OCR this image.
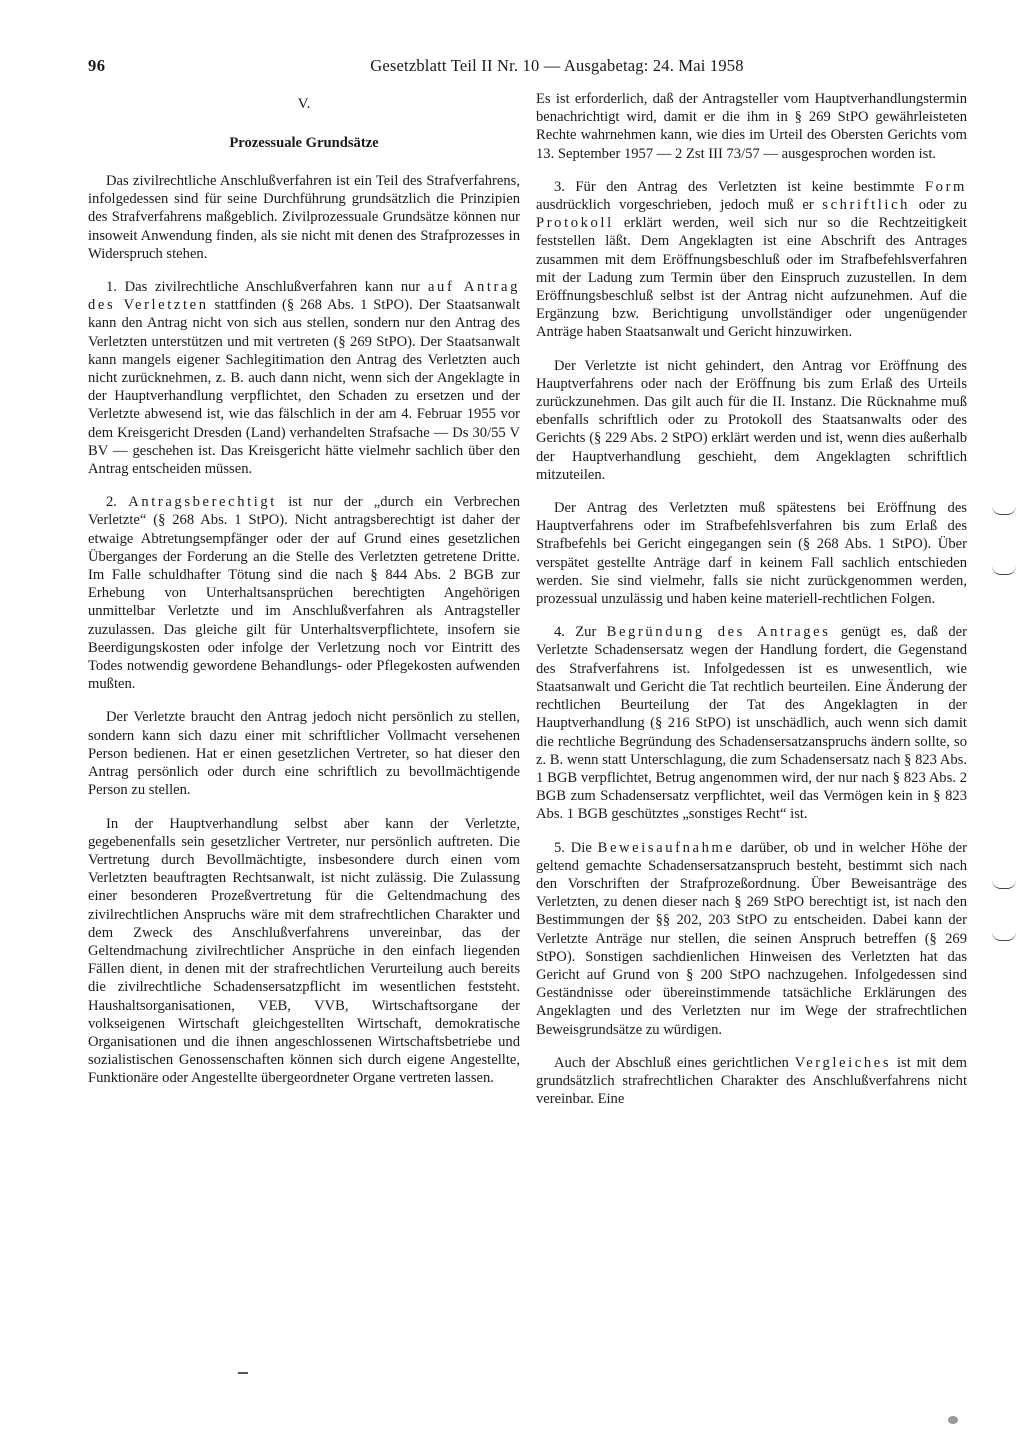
96	Gesetzblatt Teil II Nr. 10 — Ausgabetag: 24. Mai 1958
V.
Prozessuale Grundsätze

Das zivilrechtliche Anschlußverfahren ist ein Teil des Strafverfahrens, infolgedessen sind für seine Durchführung grundsätzlich die Prinzipien des Strafverfahrens maßgeblich. Zivilprozessuale Grundsätze können nur insoweit Anwendung finden, als sie nicht mit denen des Strafprozesses in Widerspruch stehen.

1. Das zivilrechtliche Anschlußverfahren kann nur auf Antrag des Verletzten stattfinden (§ 268 Abs. 1 StPO). Der Staatsanwalt kann den Antrag nicht von sich aus stellen, sondern nur den Antrag des Verletzten unterstützen und mit vertreten (§ 269 StPO). Der Staatsanwalt kann mangels eigener Sachlegitimation den Antrag des Verletzten auch nicht zurücknehmen, z. B. auch dann nicht, wenn sich der Angeklagte in der Hauptverhandlung verpflichtet, den Schaden zu ersetzen und der Verletzte abwesend ist, wie das fälschlich in der am 4. Februar 1955 vor dem Kreisgericht Dresden (Land) verhandelten Strafsache — Ds 30/55 V BV — geschehen ist. Das Kreisgericht hätte vielmehr sachlich über den Antrag entscheiden müssen.

2. Antragsberechtigt ist nur der „durch ein Verbrechen Verletzte“ (§ 268 Abs. 1 StPO). Nicht antragsberechtigt ist daher der etwaige Abtretungsempfänger oder der auf Grund eines gesetzlichen Überganges der Forderung an die Stelle des Verletzten getretene Dritte. Im Falle schuldhafter Tötung sind die nach § 844 Abs. 2 BGB zur Erhebung von Unterhaltsansprüchen berechtigten Angehörigen unmittelbar Verletzte und im Anschlußverfahren als Antragsteller zuzulassen. Das gleiche gilt für Unterhaltsverpflichtete, insofern sie Beerdigungskosten oder infolge der Verletzung noch vor Eintritt des Todes notwendig gewordene Behandlungs- oder Pflegekosten aufwenden mußten.

Der Verletzte braucht den Antrag jedoch nicht persönlich zu stellen, sondern kann sich dazu einer mit schriftlicher Vollmacht versehenen Person bedienen. Hat er einen gesetzlichen Vertreter, so hat dieser den Antrag persönlich oder durch eine schriftlich zu bevollmächtigende Person zu stellen.

In der Hauptverhandlung selbst aber kann der Verletzte, gegebenenfalls sein gesetzlicher Vertreter, nur persönlich auftreten. Die Vertretung durch Bevollmächtigte, insbesondere durch einen vom Verletzten beauftragten Rechtsanwalt, ist nicht zulässig. Die Zulassung einer besonderen Prozeßvertretung für die Geltendmachung des zivilrechtlichen Anspruchs wäre mit dem strafrechtlichen Charakter und dem Zweck des Anschlußverfahrens unvereinbar, das der Geltendmachung zivilrechtlicher Ansprüche in den einfach liegenden Fällen dient, in denen mit der strafrechtlichen Verurteilung auch bereits die zivilrechtliche Schadensersatzpflicht im wesentlichen feststeht. Haushaltsorganisationen, VEB, VVB, Wirtschaftsorgane der volkseigenen Wirtschaft gleichgestellten Wirtschaft, demokratische Organisationen und die ihnen angeschlossenen Wirtschaftsbetriebe und sozialistischen Genossenschaften können sich durch eigene Angestellte, Funktionäre oder Angestellte übergeordneter Organe vertreten lassen.

Es ist erforderlich, daß der Antragsteller vom Hauptverhandlungstermin benachrichtigt wird, damit er die ihm in § 269 StPO gewährleisteten Rechte wahrnehmen kann, wie dies im Urteil des Obersten Gerichts vom 13. September 1957 — 2 Zst III 73/57 — ausgesprochen worden ist.

3. Für den Antrag des Verletzten ist keine bestimmte Form ausdrücklich vorgeschrieben, jedoch muß er schriftlich oder zu Protokoll erklärt werden, weil sich nur so die Rechtzeitigkeit feststellen läßt. Dem Angeklagten ist eine Abschrift des Antrages zusammen mit dem Eröffnungsbeschluß oder im Strafbefehlsverfahren mit der Ladung zum Termin über den Einspruch zuzustellen. In dem Eröffnungsbeschluß selbst ist der Antrag nicht aufzunehmen. Auf die Ergänzung bzw. Berichtigung unvollständiger oder ungenügender Anträge haben Staatsanwalt und Gericht hinzuwirken.

Der Verletzte ist nicht gehindert, den Antrag vor Eröffnung des Hauptverfahrens oder nach der Eröffnung bis zum Erlaß des Urteils zurückzunehmen. Das gilt auch für die II. Instanz. Die Rücknahme muß ebenfalls schriftlich oder zu Protokoll des Staatsanwalts oder des Gerichts (§ 229 Abs. 2 StPO) erklärt werden und ist, wenn dies außerhalb der Hauptverhandlung geschieht, dem Angeklagten schriftlich mitzuteilen.

Der Antrag des Verletzten muß spätestens bei Eröffnung des Hauptverfahrens oder im Strafbefehlsverfahren bis zum Erlaß des Strafbefehls bei Gericht eingegangen sein (§ 268 Abs. 1 StPO). Über verspätet gestellte Anträge darf in keinem Fall sachlich entschieden werden. Sie sind vielmehr, falls sie nicht zurückgenommen werden, prozessual unzulässig und haben keine materiell-rechtlichen Folgen.

4. Zur Begründung des Antrages genügt es, daß der Verletzte Schadensersatz wegen der Handlung fordert, die Gegenstand des Strafverfahrens ist. Infolgedessen ist es unwesentlich, wie Staatsanwalt und Gericht die Tat rechtlich beurteilen. Eine Änderung der rechtlichen Beurteilung der Tat des Angeklagten in der Hauptverhandlung (§ 216 StPO) ist unschädlich, auch wenn sich damit die rechtliche Begründung des Schadensersatzanspruchs ändern sollte, so z. B. wenn statt Unterschlagung, die zum Schadensersatz nach § 823 Abs. 1 BGB verpflichtet, Betrug angenommen wird, der nur nach § 823 Abs. 2 BGB zum Schadensersatz verpflichtet, weil das Vermögen kein in § 823 Abs. 1 BGB geschütztes „sonstiges Recht“ ist.

5. Die Beweisaufnahme darüber, ob und in welcher Höhe der geltend gemachte Schadensersatzanspruch besteht, bestimmt sich nach den Vorschriften der Strafprozeßordnung. Über Beweisanträge des Verletzten, zu denen dieser nach § 269 StPO berechtigt ist, ist nach den Bestimmungen der §§ 202, 203 StPO zu entscheiden. Dabei kann der Verletzte Anträge nur stellen, die seinen Anspruch betreffen (§ 269 StPO). Sonstigen sachdienlichen Hinweisen des Verletzten hat das Gericht auf Grund von § 200 StPO nachzugehen. Infolgedessen sind Geständnisse oder übereinstimmende tatsächliche Erklärungen des Angeklagten und des Verletzten nur im Wege der strafrechtlichen Beweisgrundsätze zu würdigen.

Auch der Abschluß eines gerichtlichen Vergleiches ist mit dem grundsätzlich strafrechtlichen Charakter des Anschlußverfahrens nicht vereinbar. Eine
